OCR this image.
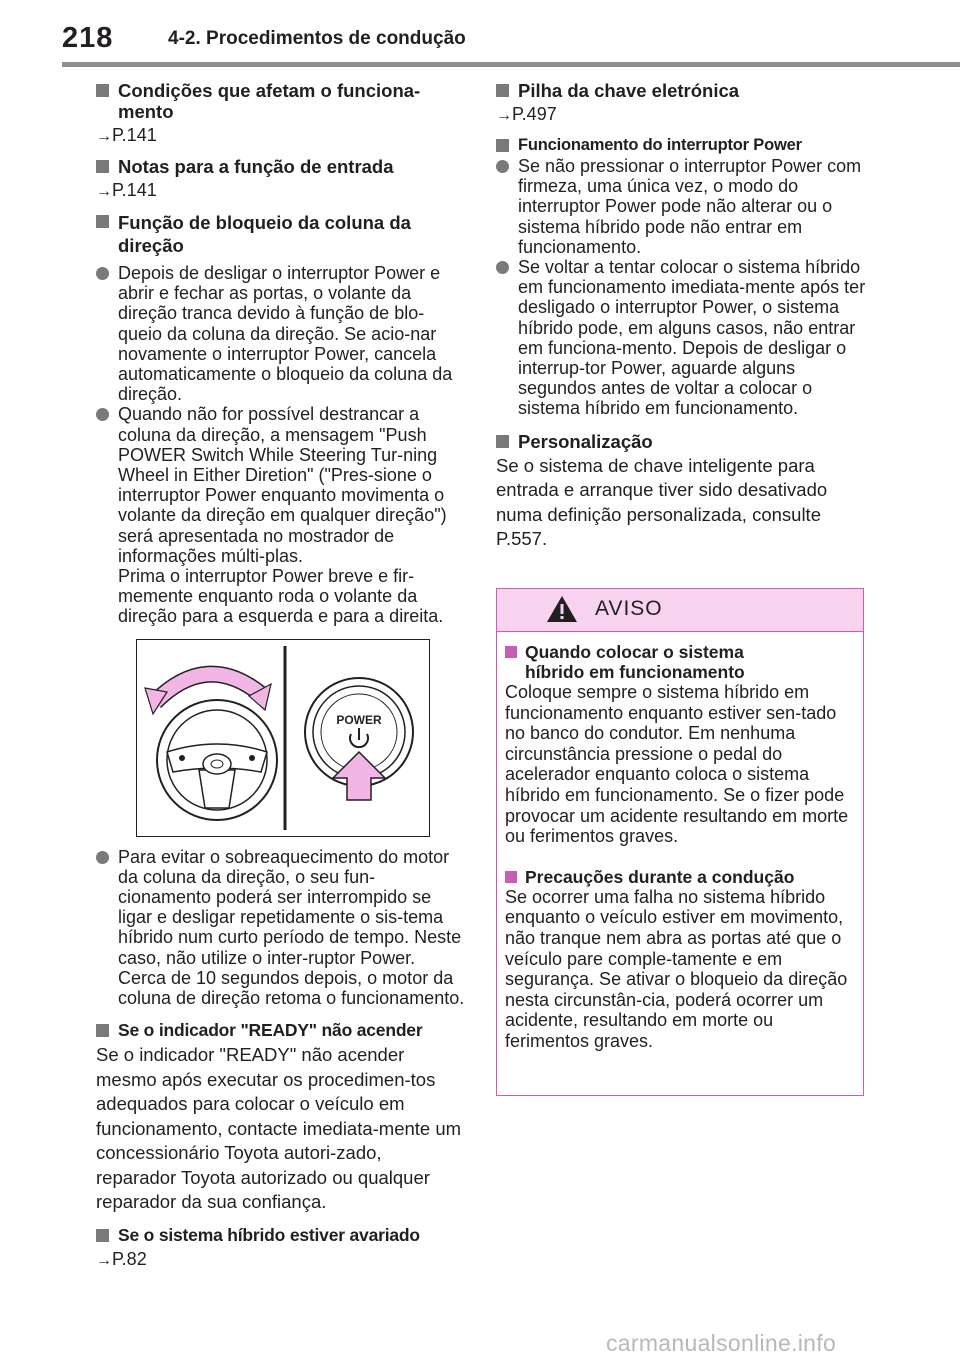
218	4-2. Procedimentos de condução
Condições que afetam o funciona-mento
→P.141
Notas para a função de entrada
→P.141
Função de bloqueio da coluna da direção
Depois de desligar o interruptor Power e abrir e fechar as portas, o volante da direção tranca devido à função de blo-queio da coluna da direção. Se acio-nar novamente o interruptor Power, cancela automaticamente o bloqueio da coluna da direção.
Quando não for possível destrancar a coluna da direção, a mensagem "Push POWER Switch While Steering Tur-ning Wheel in Either Diretion" ("Pres-sione o interruptor Power enquanto movimenta o volante da direção em qualquer direção") será apresentada no mostrador de informações múlti-plas.
Prima o interruptor Power breve e fir-memente enquanto roda o volante da direção para a esquerda e para a direita.
POWER
Para evitar o sobreaquecimento do motor da coluna da direção, o seu fun-cionamento poderá ser interrompido se ligar e desligar repetidamente o sis-tema híbrido num curto período de tempo. Neste caso, não utilize o inter-ruptor Power. Cerca de 10 segundos depois, o motor da coluna de direção retoma o funcionamento.
Se o indicador "READY" não acender
Se o indicador "READY" não acender mesmo após executar os procedimen-tos adequados para colocar o veículo em funcionamento, contacte imediata-mente um concessionário Toyota autori-zado, reparador Toyota autorizado ou qualquer reparador da sua confiança.
Se o sistema híbrido estiver avariado
→P.82
Pilha da chave eletrónica
→P.497
Funcionamento do interruptor Power
Se não pressionar o interruptor Power com firmeza, uma única vez, o modo do interruptor Power pode não alterar ou o sistema híbrido pode não entrar em funcionamento.
Se voltar a tentar colocar o sistema híbrido em funcionamento imediata-mente após ter desligado o interruptor Power, o sistema híbrido pode, em alguns casos, não entrar em funciona-mento. Depois de desligar o interrup-tor Power, aguarde alguns segundos antes de voltar a colocar o sistema híbrido em funcionamento.
Personalização
Se o sistema de chave inteligente para entrada e arranque tiver sido desativado numa definição personalizada, consulte P.557.
AVISO
Quando colocar o sistema híbrido em funcionamento
Coloque sempre o sistema híbrido em funcionamento enquanto estiver sen-tado no banco do condutor. Em nenhuma circunstância pressione o pedal do acelerador enquanto coloca o sistema híbrido em funcionamento. Se o fizer pode provocar um acidente resultando em morte ou ferimentos graves.
Precauções durante a condução
Se ocorrer uma falha no sistema híbrido enquanto o veículo estiver em movimento, não tranque nem abra as portas até que o veículo pare comple-tamente e em segurança. Se ativar o bloqueio da direção nesta circunstân-cia, poderá ocorrer um acidente, resultando em morte ou ferimentos graves.
carmanualsonline.info
